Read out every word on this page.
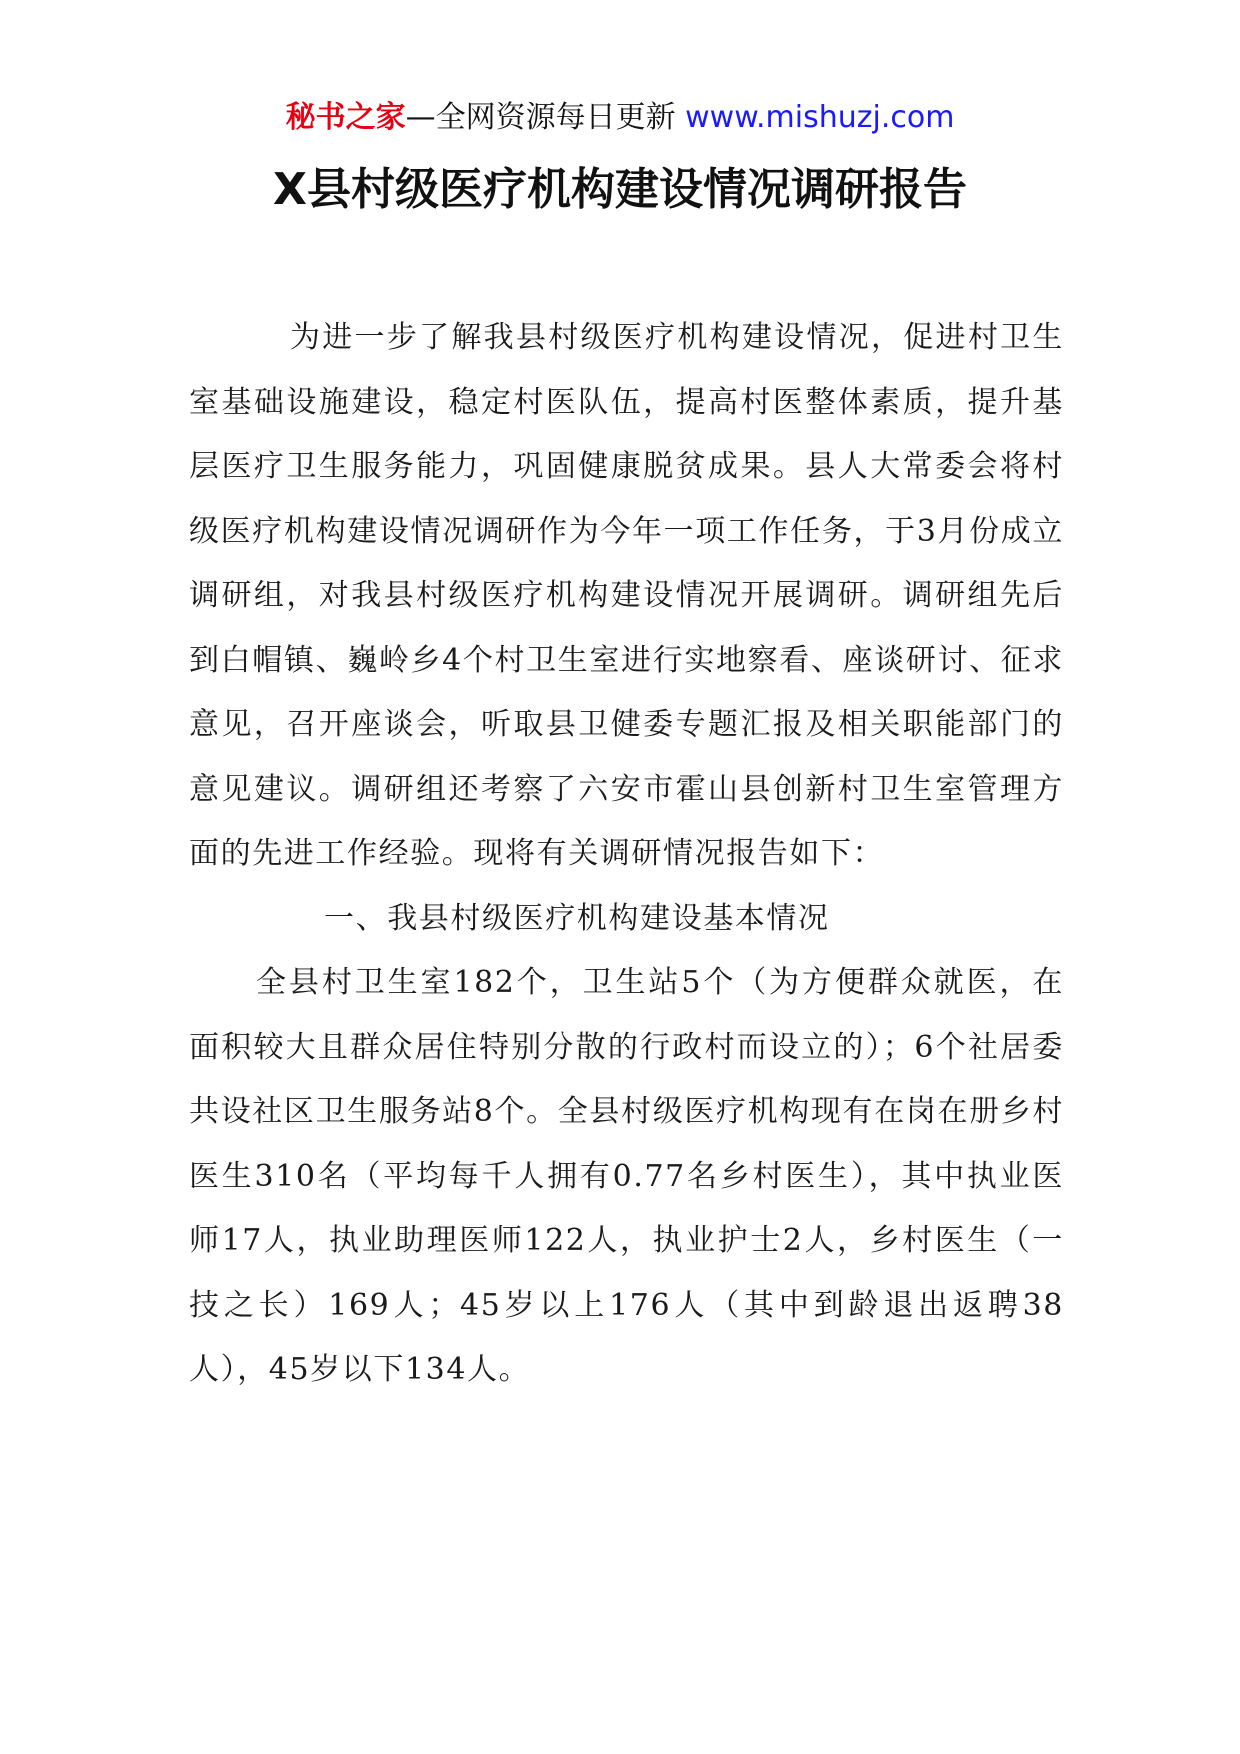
秘书之家—全网资源每日更新 www.mishuzj.com
X县村级医疗机构建设情况调研报告

为进一步了解我县村级医疗机构建设情况，促进村卫生室基础设施建设，稳定村医队伍，提高村医整体素质，提升基层医疗卫生服务能力，巩固健康脱贫成果。县人大常委会将村级医疗机构建设情况调研作为今年一项工作任务，于3月份成立调研组，对我县村级医疗机构建设情况开展调研。调研组先后到白帽镇、巍岭乡4个村卫生室进行实地察看、座谈研讨、征求意见，召开座谈会，听取县卫健委专题汇报及相关职能部门的意见建议。调研组还考察了六安市霍山县创新村卫生室管理方面的先进工作经验。现将有关调研情况报告如下：

一、我县村级医疗机构建设基本情况

全县村卫生室182个，卫生站5个（为方便群众就医，在面积较大且群众居住特别分散的行政村而设立的）；6个社居委共设社区卫生服务站8个。全县村级医疗机构现有在岗在册乡村医生310名（平均每千人拥有0.77名乡村医生），其中执业医师17人，执业助理医师122人，执业护士2人，乡村医生（一技之长）169人；45岁以上176人（其中到龄退出返聘38人），45岁以下134人。
